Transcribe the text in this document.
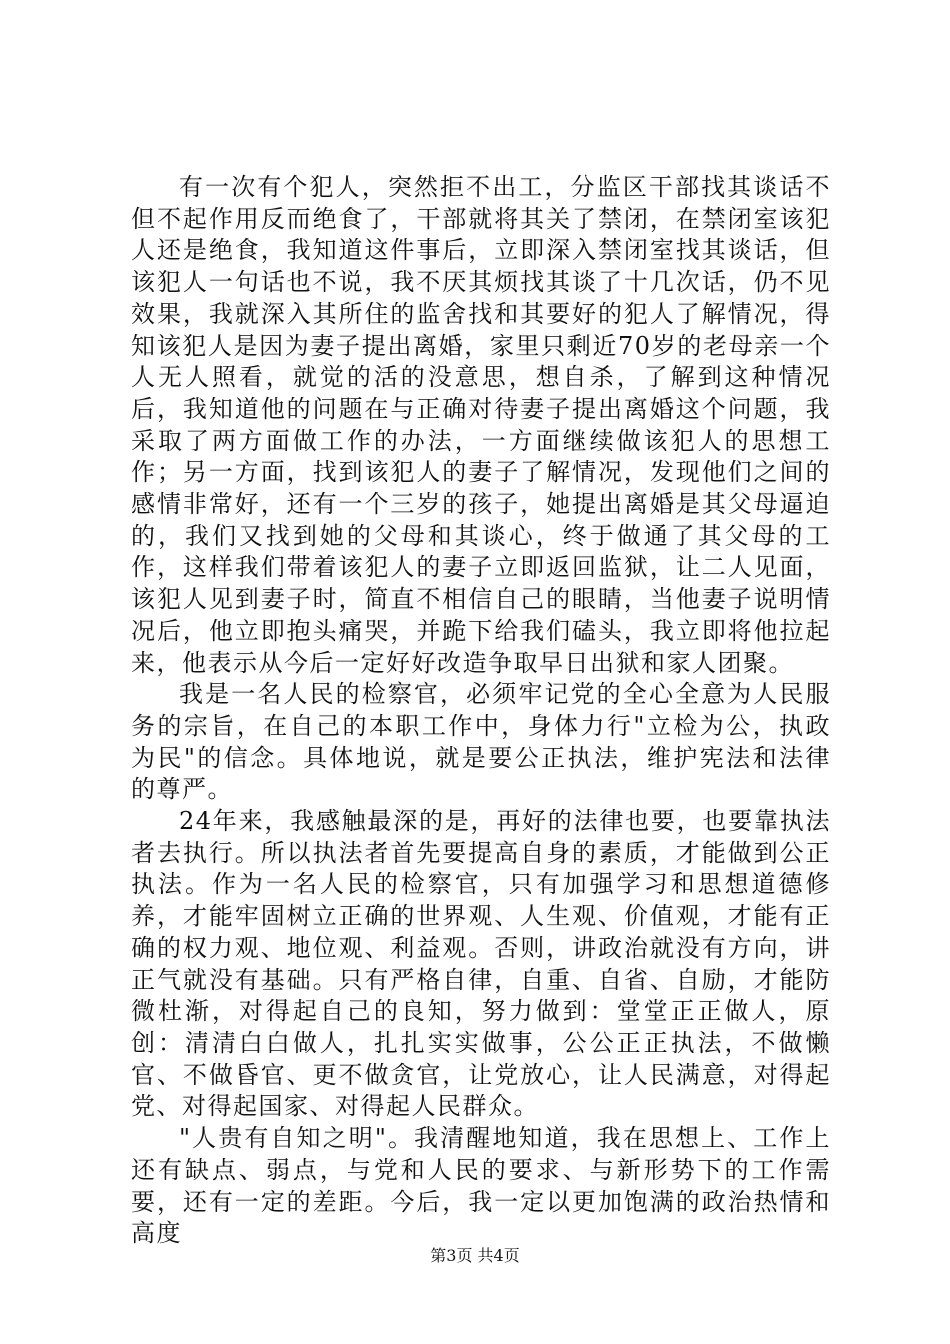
有一次有个犯人，突然拒不出工，分监区干部找其谈话不但不起作用反而绝食了，干部就将其关了禁闭，在禁闭室该犯人还是绝食，我知道这件事后，立即深入禁闭室找其谈话，但该犯人一句话也不说，我不厌其烦找其谈了十几次话，仍不见效果，我就深入其所住的监舍找和其要好的犯人了解情况，得知该犯人是因为妻子提出离婚，家里只剩近70岁的老母亲一个人无人照看，就觉的活的没意思，想自杀，了解到这种情况后，我知道他的问题在与正确对待妻子提出离婚这个问题，我采取了两方面做工作的办法，一方面继续做该犯人的思想工作；另一方面，找到该犯人的妻子了解情况，发现他们之间的感情非常好，还有一个三岁的孩子，她提出离婚是其父母逼迫的，我们又找到她的父母和其谈心，终于做通了其父母的工作，这样我们带着该犯人的妻子立即返回监狱，让二人见面，该犯人见到妻子时，简直不相信自己的眼睛，当他妻子说明情况后，他立即抱头痛哭，并跪下给我们磕头，我立即将他拉起来，他表示从今后一定好好改造争取早日出狱和家人团聚。

我是一名人民的检察官，必须牢记党的全心全意为人民服务的宗旨，在自己的本职工作中，身体力行"立检为公，执政为民"的信念。具体地说，就是要公正执法，维护宪法和法律的尊严。

24年来，我感触最深的是，再好的法律也要，也要靠执法者去执行。所以执法者首先要提高自身的素质，才能做到公正执法。作为一名人民的检察官，只有加强学习和思想道德修养，才能牢固树立正确的世界观、人生观、价值观，才能有正确的权力观、地位观、利益观。否则，讲政治就没有方向，讲正气就没有基础。只有严格自律，自重、自省、自励，才能防微杜渐，对得起自己的良知，努力做到：堂堂正正做人，原创：清清白白做人，扎扎实实做事，公公正正执法，不做懒官、不做昏官、更不做贪官，让党放心，让人民满意，对得起党、对得起国家、对得起人民群众。

"人贵有自知之明"。我清醒地知道，我在思想上、工作上还有缺点、弱点，与党和人民的要求、与新形势下的工作需要，还有一定的差距。今后，我一定以更加饱满的政治热情和高度

第3页 共4页
